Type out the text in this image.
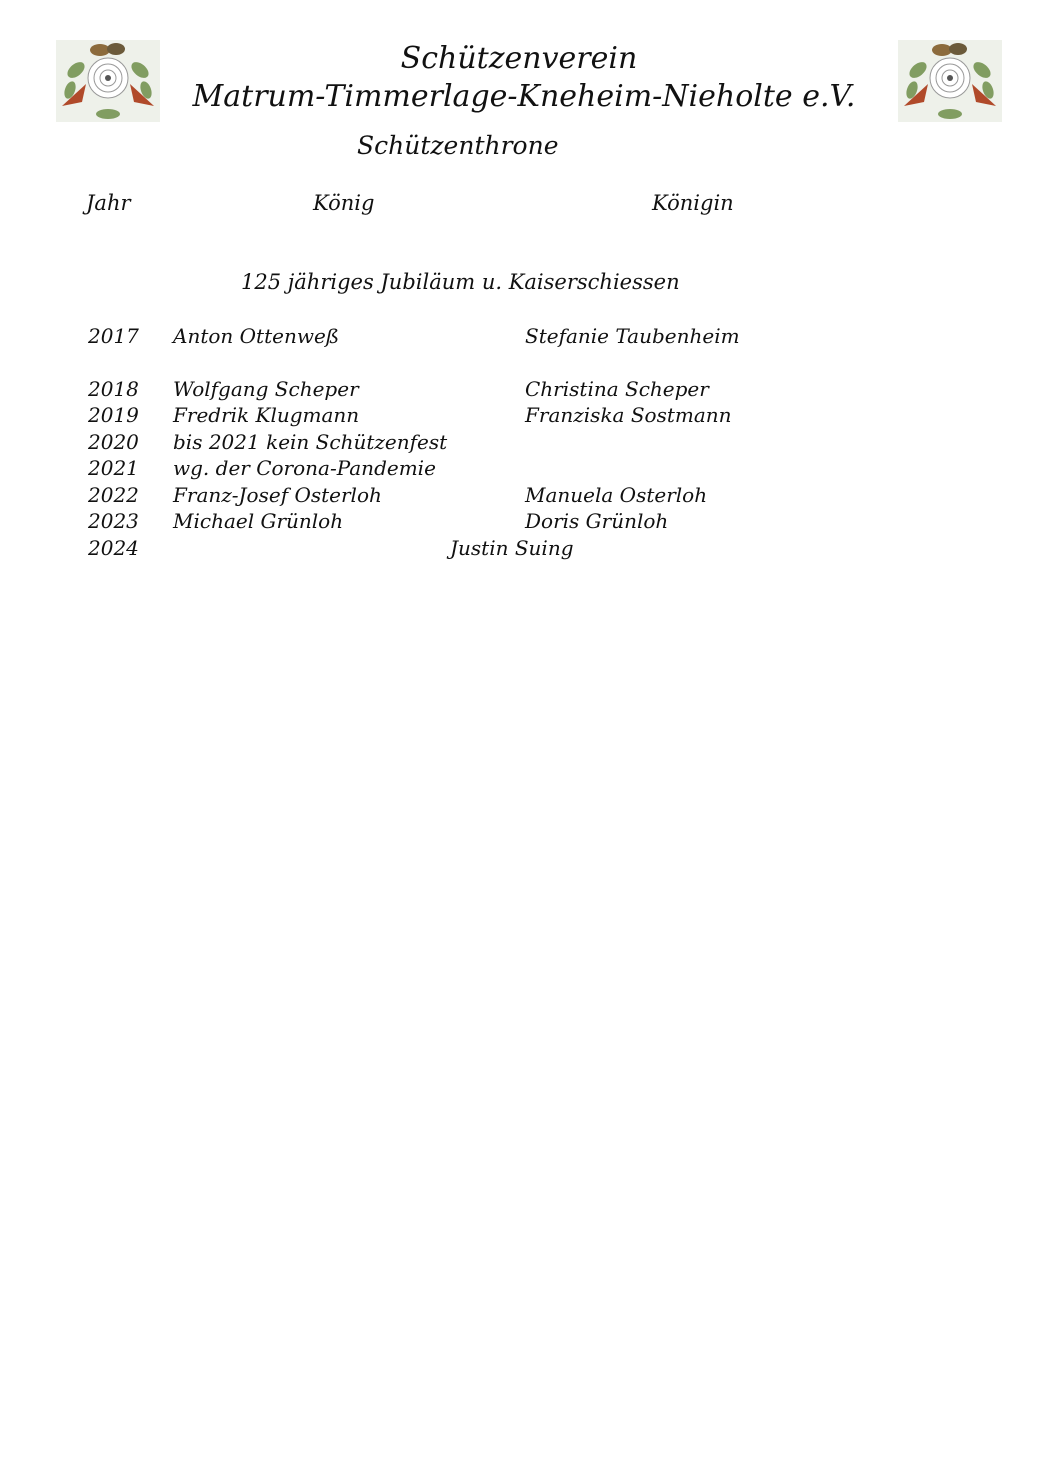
Schützenverein
Matrum-Timmerlage-Kneheim-Nieholte e.V.
Schützenthrone
Jahr	König	Königin
125 jähriges Jubiläum u. Kaiserschiessen
2017 Anton Ottenweß	Stefanie Taubenheim
2018 Wolfgang Scheper	Christina Scheper
2019 Fredrik Klugmann	Franziska Sostmann
2020 bis 2021 kein Schützenfest
2021 wg. der Corona-Pandemie
2022 Franz-Josef Osterloh	Manuela Osterloh
2023 Michael Grünloh	Doris Grünloh
2024	Justin Suing
